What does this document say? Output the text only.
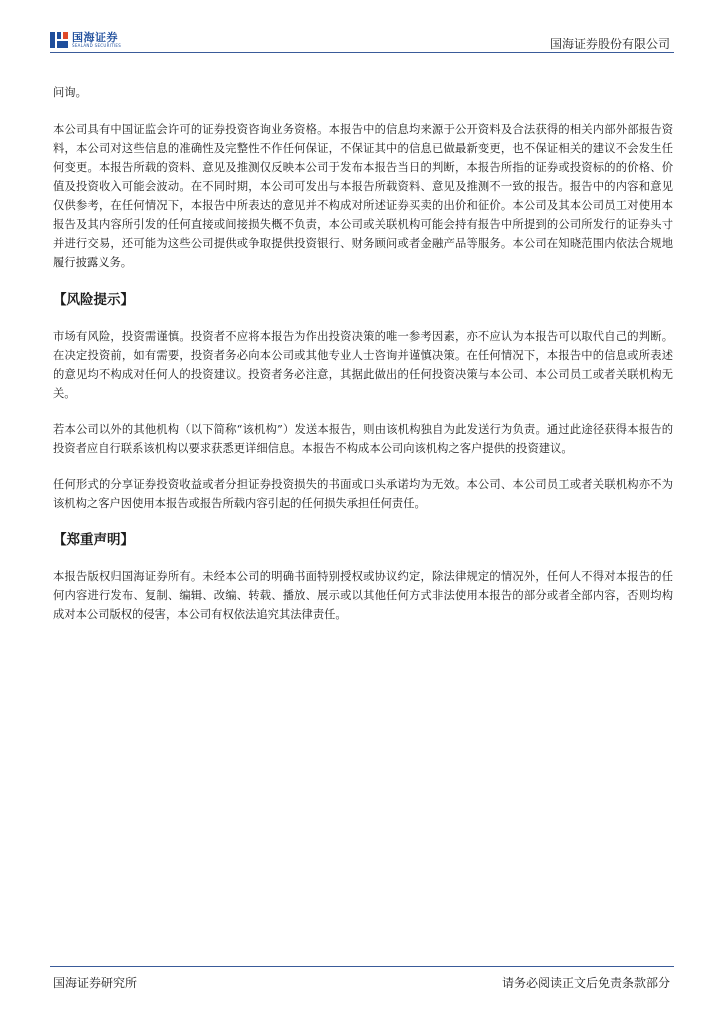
国海证券
SEALAND SECURITIES	国海证券股份有限公司

问询。

本公司具有中国证监会许可的证券投资咨询业务资格。本报告中的信息均来源于公开资料及合法获得的相关内部外部报告资料，本公司对这些信息的准确性及完整性不作任何保证，不保证其中的信息已做最新变更，也不保证相关的建议不会发生任何变更。本报告所载的资料、意见及推测仅反映本公司于发布本报告当日的判断，本报告所指的证券或投资标的的价格、价值及投资收入可能会波动。在不同时期，本公司可发出与本报告所载资料、意见及推测不一致的报告。报告中的内容和意见仅供参考，在任何情况下，本报告中所表达的意见并不构成对所述证券买卖的出价和征价。本公司及其本公司员工对使用本报告及其内容所引发的任何直接或间接损失概不负责，本公司或关联机构可能会持有报告中所提到的公司所发行的证券头寸并进行交易，还可能为这些公司提供或争取提供投资银行、财务顾问或者金融产品等服务。本公司在知晓范围内依法合规地履行披露义务。

【风险提示】

市场有风险，投资需谨慎。投资者不应将本报告为作出投资决策的唯一参考因素，亦不应认为本报告可以取代自己的判断。在决定投资前，如有需要，投资者务必向本公司或其他专业人士咨询并谨慎决策。在任何情况下，本报告中的信息或所表述的意见均不构成对任何人的投资建议。投资者务必注意，其据此做出的任何投资决策与本公司、本公司员工或者关联机构无关。

若本公司以外的其他机构（以下简称“该机构”）发送本报告，则由该机构独自为此发送行为负责。通过此途径获得本报告的投资者应自行联系该机构以要求获悉更详细信息。本报告不构成本公司向该机构之客户提供的投资建议。

任何形式的分享证券投资收益或者分担证券投资损失的书面或口头承诺均为无效。本公司、本公司员工或者关联机构亦不为该机构之客户因使用本报告或报告所载内容引起的任何损失承担任何责任。

【郑重声明】

本报告版权归国海证券所有。未经本公司的明确书面特别授权或协议约定，除法律规定的情况外，任何人不得对本报告的任何内容进行发布、复制、编辑、改编、转载、播放、展示或以其他任何方式非法使用本报告的部分或者全部内容，否则均构成对本公司版权的侵害，本公司有权依法追究其法律责任。

国海证券研究所	请务必阅读正文后免责条款部分
